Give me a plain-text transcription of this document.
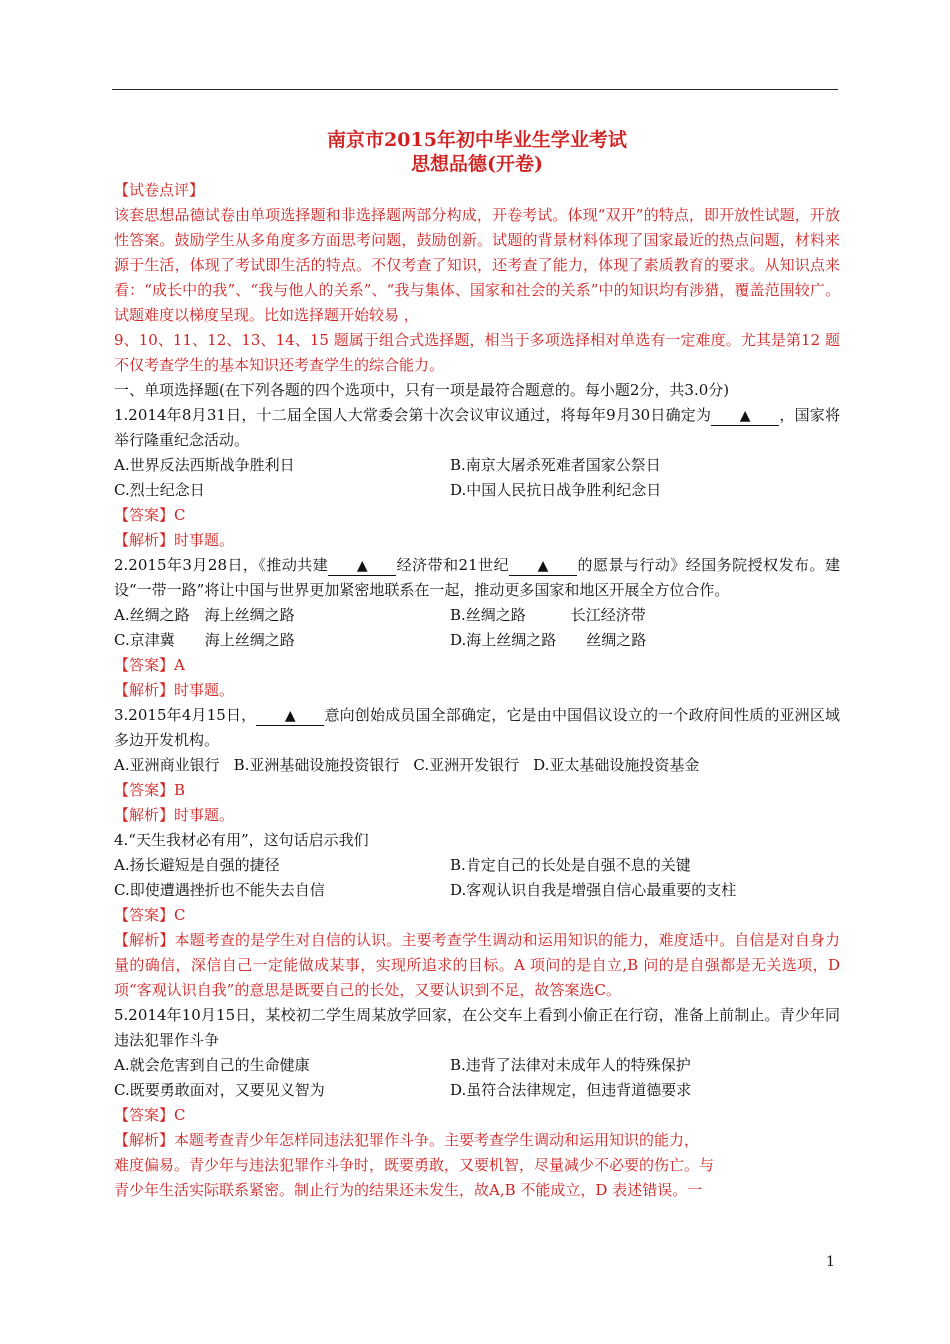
南京市2015年初中毕业生学业考试
思想品德(开卷)
【试卷点评】

该套思想品德试卷由单项选择题和非选择题两部分构成，开卷考试。体现“双开”的特点，即开放性试题，开放性答案。鼓励学生从多角度多方面思考问题，鼓励创新。试题的背景材料体现了国家最近的热点问题，材料来源于生活，体现了考试即生活的特点。不仅考查了知识，还考查了能力，体现了素质教育的要求。从知识点来看：“成长中的我”、“我与他人的关系”、“我与集体、国家和社会的关系”中的知识均有涉猎，覆盖范围较广。试题难度以梯度呈现。比如选择题开始较易 ，

9、10、11、12、13、14、15 题属于组合式选择题，相当于多项选择相对单选有一定难度。尤其是第12 题不仅考查学生的基本知识还考查学生的综合能力。

一、单项选择题(在下列各题的四个选项中，只有一项是最符合题意的。每小题2分，共3.0分)

1.2014年8月31日，十二届全国人大常委会第十次会议审议通过，将每年9月30日确定为 ▲ ，国家将举行隆重纪念活动。

A.世界反法西斯战争胜利日	B.南京大屠杀死难者国家公祭日
C.烈士纪念日	D.中国人民抗日战争胜利纪念日
【答案】C
【解析】时事题。

2.2015年3月28日，《推动共建 ▲ 经济带和21世纪 ▲ 的愿景与行动》经国务院授权发布。建设“一带一路”将让中国与世界更加紧密地联系在一起，推动更多国家和地区开展全方位合作。

A.丝绸之路　海上丝绸之路	B.丝绸之路　　　长江经济带
C.京津冀　　海上丝绸之路	D.海上丝绸之路　　丝绸之路
【答案】A
【解析】时事题。

3.2015年4月15日， ▲ 意向创始成员国全部确定，它是由中国倡议设立的一个政府间性质的亚洲区域多边开发机构。

A.亚洲商业银行 B.亚洲基础设施投资银行 C.亚洲开发银行 D.亚太基础设施投资基金
【答案】B
【解析】时事题。

4.“天生我材必有用”，这句话启示我们

A.扬长避短是自强的捷径	B.肯定自己的长处是自强不息的关键
C.即使遭遇挫折也不能失去自信	D.客观认识自我是增强自信心最重要的支柱
【答案】C

【解析】本题考查的是学生对自信的认识。主要考查学生调动和运用知识的能力，难度适中。自信是对自身力量的确信，深信自己一定能做成某事，实现所追求的目标。A 项问的是自立,B 问的是自强都是无关选项，D 项“客观认识自我”的意思是既要自己的长处，又要认识到不足，故答案选C。

5.2014年10月15日，某校初二学生周某放学回家，在公交车上看到小偷正在行窃，准备上前制止。青少年同违法犯罪作斗争

A.就会危害到自己的生命健康	B.违背了法律对未成年人的特殊保护
C.既要勇敢面对，又要见义智为	D.虽符合法律规定，但违背道德要求
【答案】C
【解析】本题考查青少年怎样同违法犯罪作斗争。主要考查学生调动和运用知识的能力，
难度偏易。青少年与违法犯罪作斗争时，既要勇敢，又要机智，尽量减少不必要的伤亡。与
青少年生活实际联系紧密。制止行为的结果还未发生，故A,B 不能成立，D 表述错误。一
1
